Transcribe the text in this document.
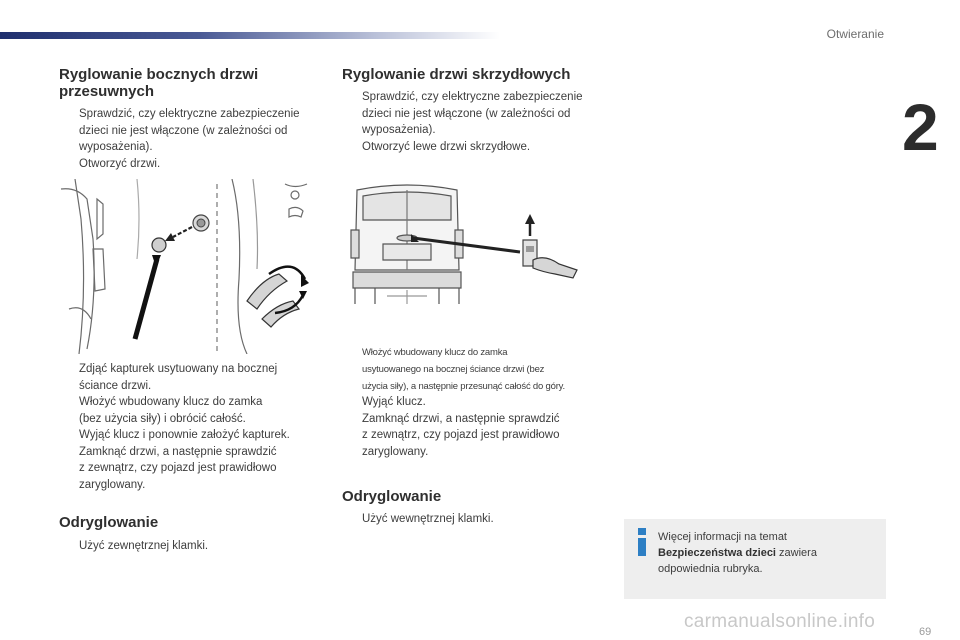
Otwieranie
2
Ryglowanie bocznych drzwi
przesuwnych
Sprawdzić, czy elektryczne zabezpieczenie
dzieci nie jest włączone (w zależności od
wyposażenia).
Otworzyć drzwi.
Zdjąć kapturek usytuowany na bocznej
ściance drzwi.
Włożyć wbudowany klucz do zamka
(bez użycia siły) i obrócić całość.
Wyjąć klucz i ponownie założyć kapturek.
Zamknąć drzwi, a następnie sprawdzić
z zewnątrz, czy pojazd jest prawidłowo
zaryglowany.
Odryglowanie
Użyć zewnętrznej klamki.
Ryglowanie drzwi skrzydłowych
Sprawdzić, czy elektryczne zabezpieczenie
dzieci nie jest włączone (w zależności od
wyposażenia).
Otworzyć lewe drzwi skrzydłowe.
Włożyć wbudowany klucz do zamka
usytuowanego na bocznej ściance drzwi (bez
użycia siły), a następnie przesunąć całość do góry.
Wyjąć klucz.
Zamknąć drzwi, a następnie sprawdzić
z zewnątrz, czy pojazd jest prawidłowo
zaryglowany.
Odryglowanie
Użyć wewnętrznej klamki.
Więcej informacji na temat
Bezpieczeństwa dzieci zawiera
odpowiednia rubryka.
carmanualsonline.info	69
